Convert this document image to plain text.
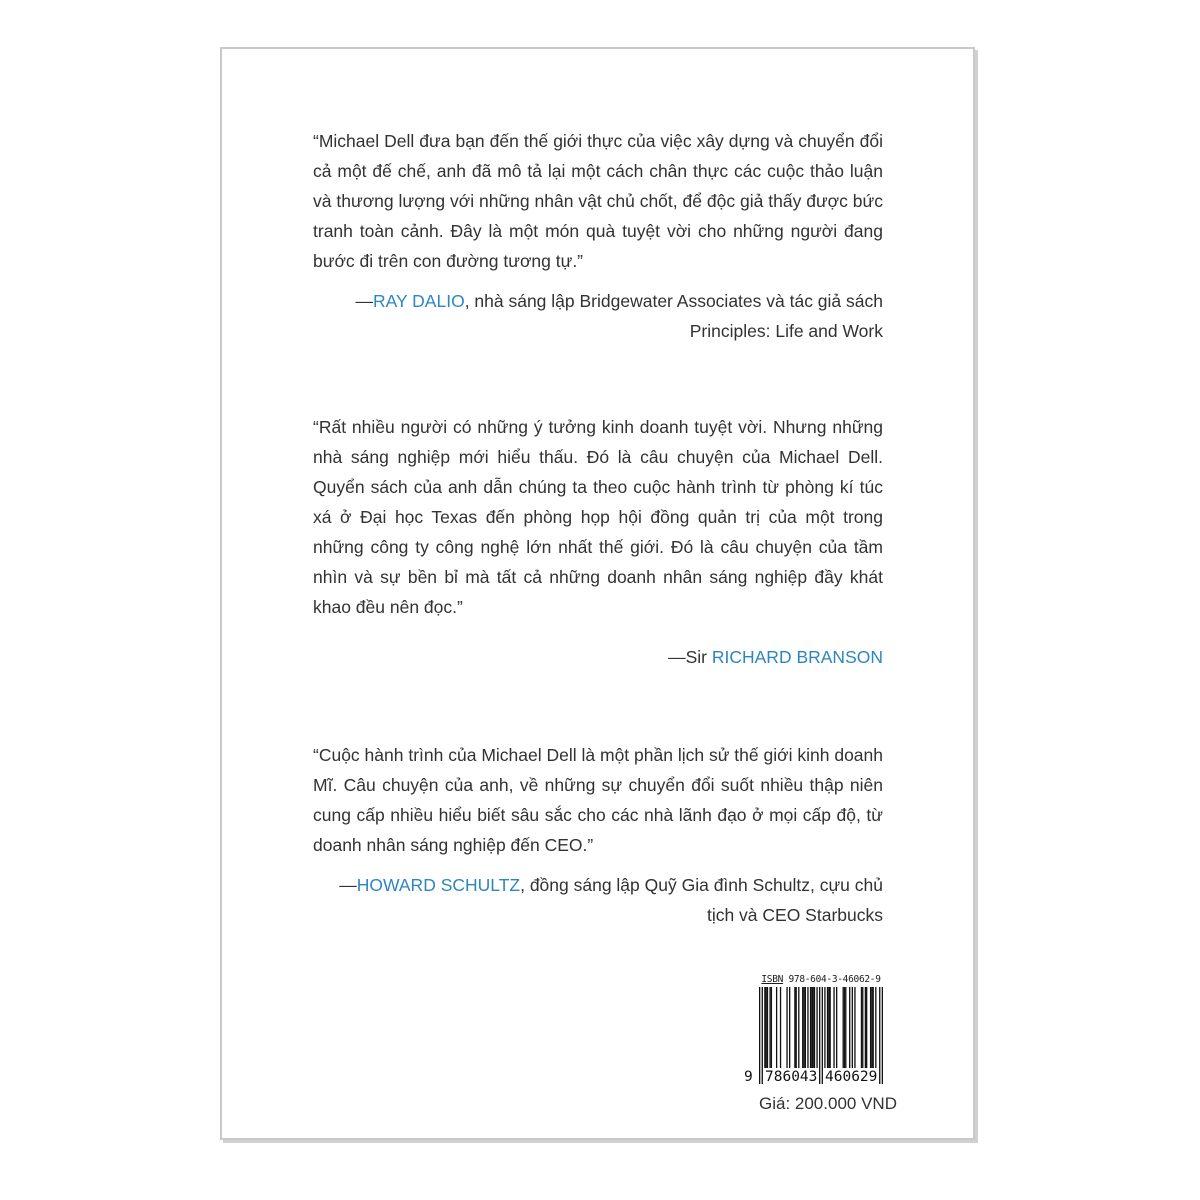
“Michael Dell đưa bạn đến thế giới thực của việc xây dựng và chuyển đổi cả một đế chế, anh đã mô tả lại một cách chân thực các cuộc thảo luận và thương lượng với những nhân vật chủ chốt, để độc giả thấy được bức tranh toàn cảnh. Đây là một món quà tuyệt vời cho những người đang bước đi trên con đường tương tự.”

—RAY DALIO, nhà sáng lập Bridgewater Associates và tác giả sách Principles: Life and Work

“Rất nhiều người có những ý tưởng kinh doanh tuyệt vời. Nhưng những nhà sáng nghiệp mới hiểu thấu. Đó là câu chuyện của Michael Dell. Quyển sách của anh dẫn chúng ta theo cuộc hành trình từ phòng kí túc xá ở Đại học Texas đến phòng họp hội đồng quản trị của một trong những công ty công nghệ lớn nhất thế giới. Đó là câu chuyện của tầm nhìn và sự bền bỉ mà tất cả những doanh nhân sáng nghiệp đầy khát khao đều nên đọc.”

—Sir RICHARD BRANSON

“Cuộc hành trình của Michael Dell là một phần lịch sử thế giới kinh doanh Mĩ. Câu chuyện của anh, về những sự chuyển đổi suốt nhiều thập niên cung cấp nhiều hiểu biết sâu sắc cho các nhà lãnh đạo ở mọi cấp độ, từ doanh nhân sáng nghiệp đến CEO.”

—HOWARD SCHULTZ, đồng sáng lập Quỹ Gia đình Schultz, cựu chủ tịch và CEO Starbucks

ISBN 978-604-3-46062-9
9 786043 460629
Giá: 200.000 VND
